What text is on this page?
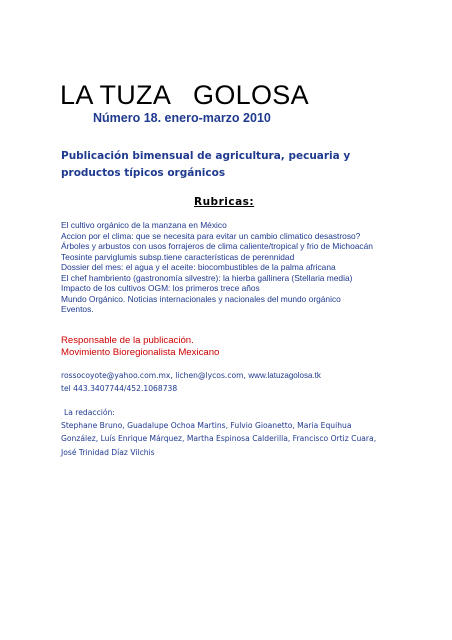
LA TUZA   GOLOSA
Número 18. enero-marzo 2010
Publicación bimensual de agricultura, pecuaria y
productos típicos orgánicos
Rubricas:
El cultivo orgánico de la manzana en México
Accion por el clima: que se necesita para evitar un cambio climatico desastroso?
Árboles y arbustos con usos forrajeros de clima caliente/tropical y frio de Michoacán
Teosinte parviglumis subsp.tiene características de perennidad
Dossier del mes: el agua y el aceite: biocombustibles de la palma africana
El chef hambriento (gastronomía silvestre): la hierba gallinera (Stellaria media)
Impacto de los cultivos OGM: los primeros trece años
Mundo Orgánico. Noticias internacionales y nacionales del mundo orgánico
Eventos.
Responsable de la publicación.
Movimiento Bioregionalista Mexicano
rossocoyote@yahoo.com.mx, lichen@lycos.com, www.latuzagolosa.tk
tel 443.3407744/452.1068738
La redacción:
Stephane Bruno, Guadalupe Ochoa Martins, Fulvio Gioanetto, Maria Equihua González, Luís Enrique Márquez, Martha Espinosa Calderilla, Francisco Ortiz Cuara, José Trinidad Díaz Vilchis
